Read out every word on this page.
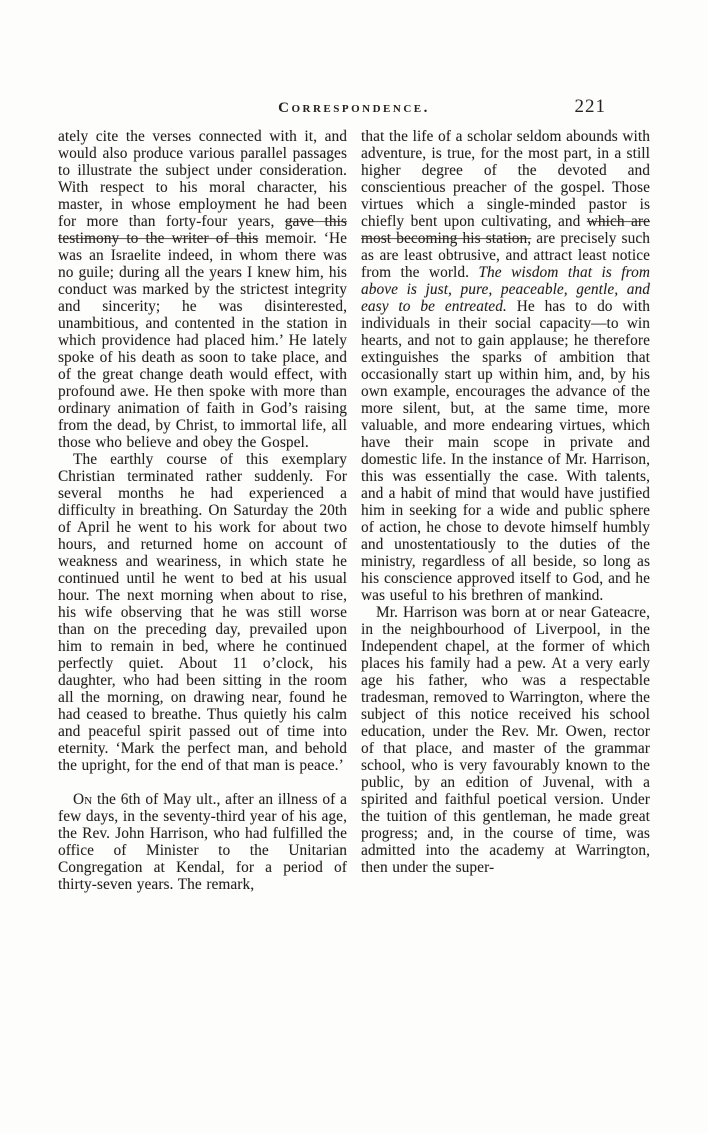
Correspondence.	221

ately cite the verses connected with it, and would also produce various parallel passages to illustrate the subject under consideration. With respect to his moral character, his master, in whose employment he had been for more than forty-four years, gave this testimony to the writer of this memoir. ‘He was an Israelite indeed, in whom there was no guile; during all the years I knew him, his conduct was marked by the strictest integrity and sincerity; he was disinterested, unambitious, and contented in the station in which providence had placed him.’ He lately spoke of his death as soon to take place, and of the great change death would effect, with profound awe. He then spoke with more than ordinary animation of faith in God’s raising from the dead, by Christ, to immortal life, all those who believe and obey the Gospel.

The earthly course of this exemplary Christian terminated rather suddenly. For several months he had experienced a difficulty in breathing. On Saturday the 20th of April he went to his work for about two hours, and returned home on account of weakness and weariness, in which state he continued until he went to bed at his usual hour. The next morning when about to rise, his wife observing that he was still worse than on the preceding day, prevailed upon him to remain in bed, where he continued perfectly quiet. About 11 o’clock, his daughter, who had been sitting in the room all the morning, on drawing near, found he had ceased to breathe. Thus quietly his calm and peaceful spirit passed out of time into eternity. ‘Mark the perfect man, and behold the upright, for the end of that man is peace.’

On the 6th of May ult., after an illness of a few days, in the seventy-third year of his age, the Rev. John Harrison, who had fulfilled the office of Minister to the Unitarian Congregation at Kendal, for a period of thirty-seven years. The remark,

that the life of a scholar seldom abounds with adventure, is true, for the most part, in a still higher degree of the devoted and conscientious preacher of the gospel. Those virtues which a single-minded pastor is chiefly bent upon cultivating, and which are most becoming his station, are precisely such as are least obtrusive, and attract least notice from the world. The wisdom that is from above is just, pure, peaceable, gentle, and easy to be entreated. He has to do with individuals in their social capacity—to win hearts, and not to gain applause; he therefore extinguishes the sparks of ambition that occasionally start up within him, and, by his own example, encourages the advance of the more silent, but, at the same time, more valuable, and more endearing virtues, which have their main scope in private and domestic life. In the instance of Mr. Harrison, this was essentially the case. With talents, and a habit of mind that would have justified him in seeking for a wide and public sphere of action, he chose to devote himself humbly and unostentatiously to the duties of the ministry, regardless of all beside, so long as his conscience approved itself to God, and he was useful to his brethren of mankind.

Mr. Harrison was born at or near Gateacre, in the neighbourhood of Liverpool, in the Independent chapel, at the former of which places his family had a pew. At a very early age his father, who was a respectable tradesman, removed to Warrington, where the subject of this notice received his school education, under the Rev. Mr. Owen, rector of that place, and master of the grammar school, who is very favourably known to the public, by an edition of Juvenal, with a spirited and faithful poetical version. Under the tuition of this gentleman, he made great progress; and, in the course of time, was admitted into the academy at Warrington, then under the super-
